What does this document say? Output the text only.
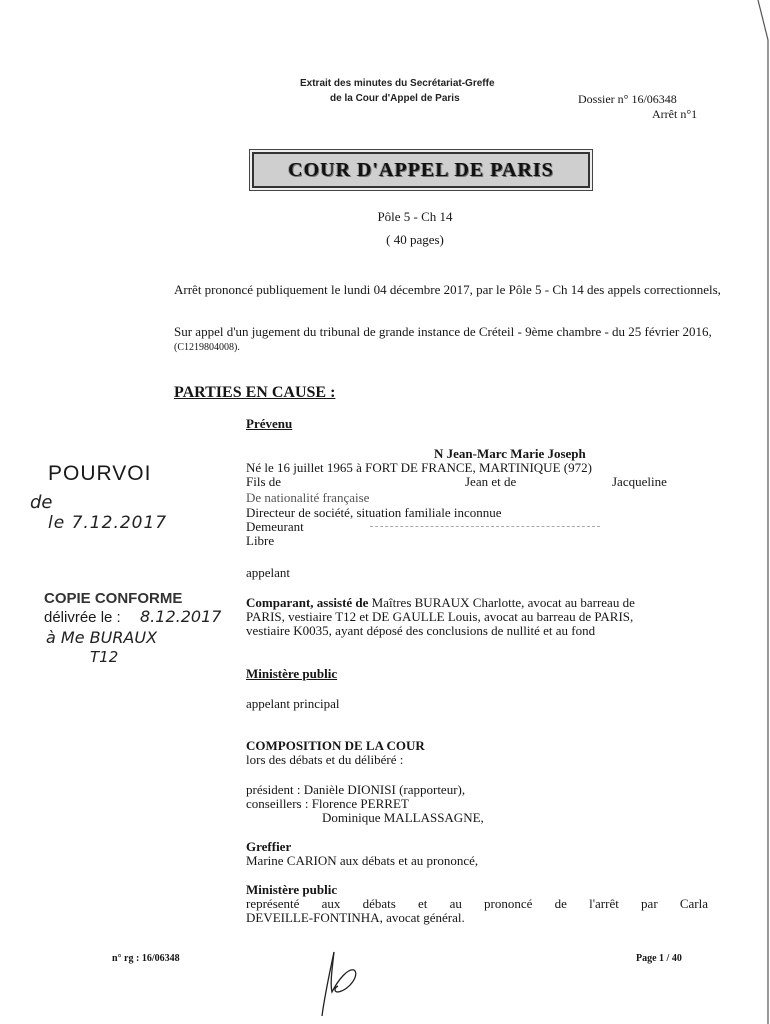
Extrait des minutes du Secrétariat-Greffe
de la Cour d'Appel de Paris	Dossier n° 16/06348
Arrêt n°1
COUR D'APPEL DE PARIS
Pôle 5 - Ch 14
( 40 pages)
Arrêt prononcé publiquement le lundi 04 décembre 2017, par le Pôle 5 - Ch 14 des appels correctionnels,
Sur appel d'un jugement du tribunal de grande instance de Créteil - 9ème chambre - du 25 février 2016, (C1219804008).
PARTIES EN CAUSE :
Prévenu
N Jean-Marc Marie Joseph
Né le 16 juillet 1965 à FORT DE FRANCE, MARTINIQUE (972)
Fils de	Jean et de	Jacqueline
De nationalité française
Directeur de société, situation familiale inconnue
Demeurant
Libre
appelant
Comparant, assisté de Maîtres BURAUX Charlotte, avocat au barreau de
PARIS, vestiaire T12 et DE GAULLE Louis, avocat au barreau de PARIS,
vestiaire K0035, ayant déposé des conclusions de nullité et au fond
Ministère public
appelant principal
COMPOSITION DE LA COUR
lors des débats et du délibéré :
président : Danièle DIONISI (rapporteur),
conseillers : Florence PERRET
Dominique MALLASSAGNE,
Greffier
Marine CARION aux débats et au prononcé,
Ministère public
représenté aux débats et au prononcé de l'arrêt par Carla
DEVEILLE-FONTINHA, avocat général.
POURVOI
de
le 7.12.2017
COPIE CONFORME
délivrée le : 8.12.2017
à Me BURAUX
T12
n° rg : 16/06348	Page 1 / 40
